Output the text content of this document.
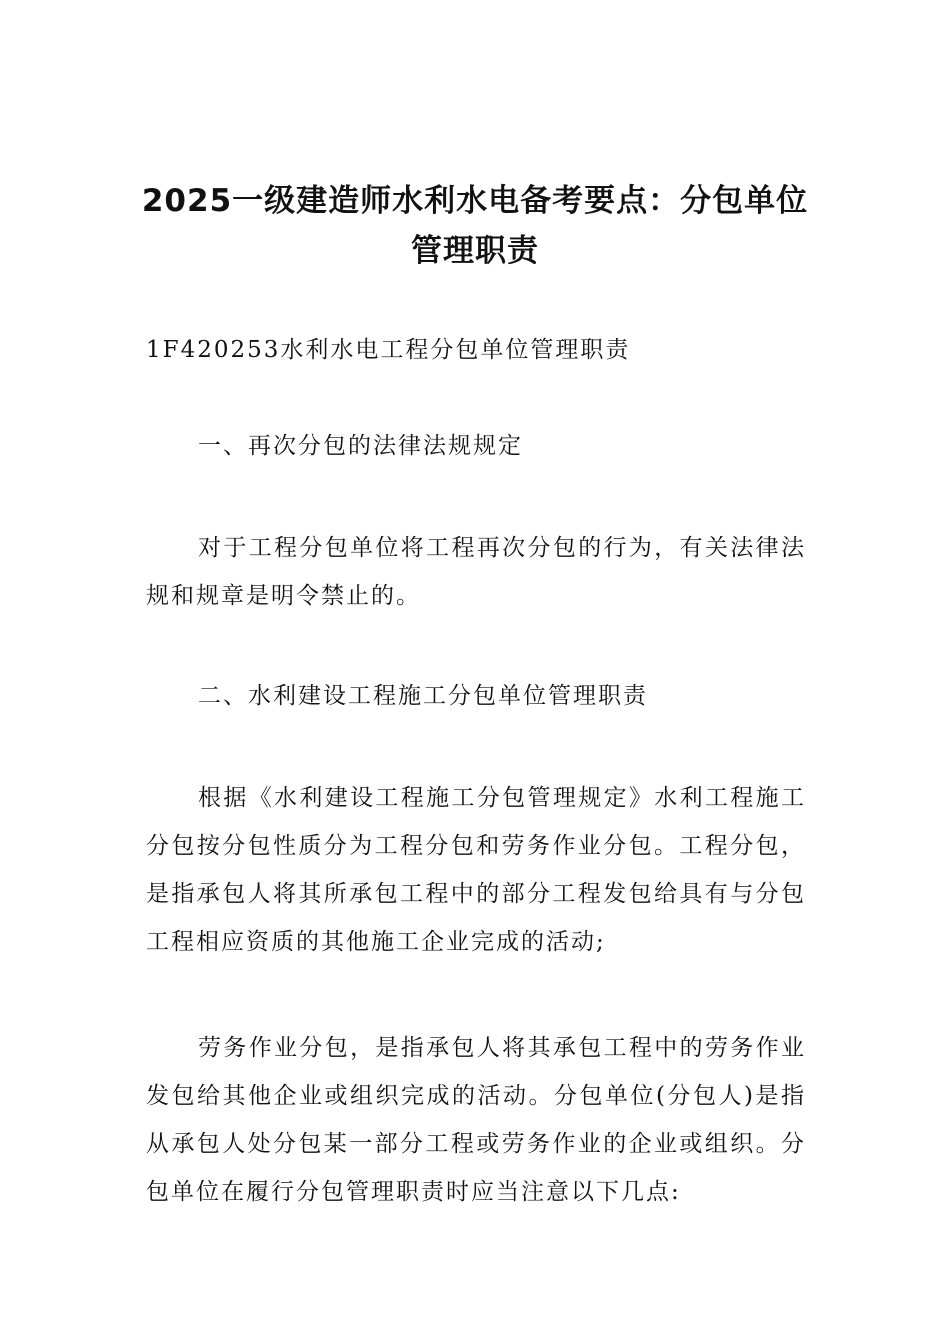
2025一级建造师水利水电备考要点：分包单位管理职责

1F420253水利水电工程分包单位管理职责

一、再次分包的法律法规规定

对于工程分包单位将工程再次分包的行为，有关法律法规和规章是明令禁止的。

二、水利建设工程施工分包单位管理职责

根据《水利建设工程施工分包管理规定》水利工程施工分包按分包性质分为工程分包和劳务作业分包。工程分包，是指承包人将其所承包工程中的部分工程发包给具有与分包工程相应资质的其他施工企业完成的活动;

劳务作业分包，是指承包人将其承包工程中的劳务作业发包给其他企业或组织完成的活动。分包单位(分包人)是指从承包人处分包某一部分工程或劳务作业的企业或组织。分包单位在履行分包管理职责时应当注意以下几点:
